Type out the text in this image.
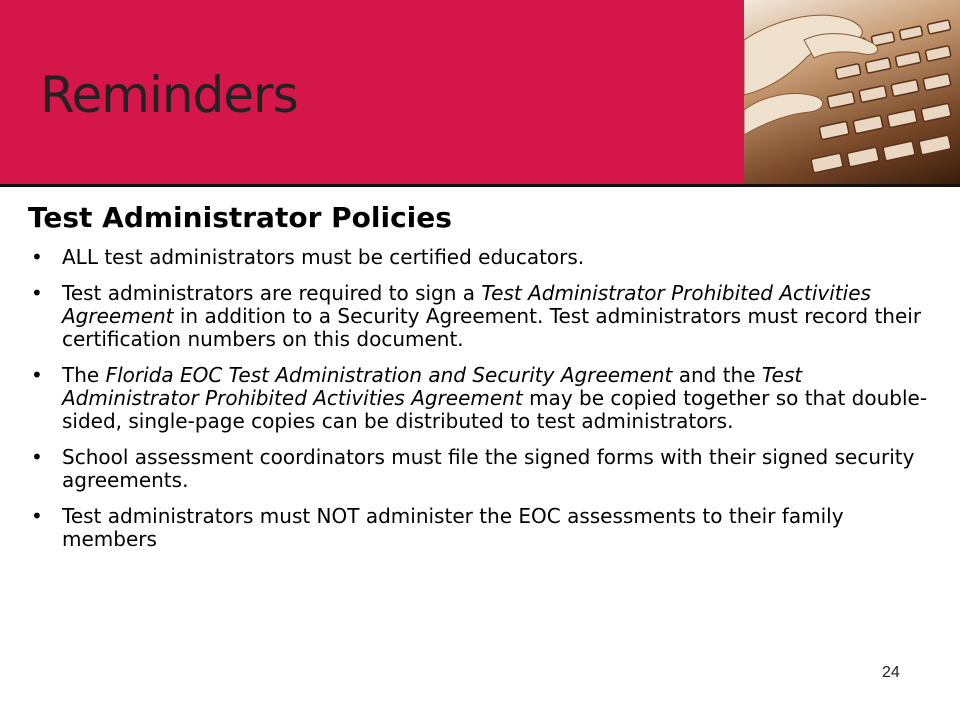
Reminders
Test Administrator Policies
• ALL test administrators must be certified educators.
• Test administrators are required to sign a Test Administrator Prohibited Activities Agreement in addition to a Security Agreement. Test administrators must record their certification numbers on this document.
• The Florida EOC Test Administration and Security Agreement and the Test Administrator Prohibited Activities Agreement may be copied together so that double-sided, single-page copies can be distributed to test administrators.
• School assessment coordinators must file the signed forms with their signed security agreements.
• Test administrators must NOT administer the EOC assessments to their family members
24
